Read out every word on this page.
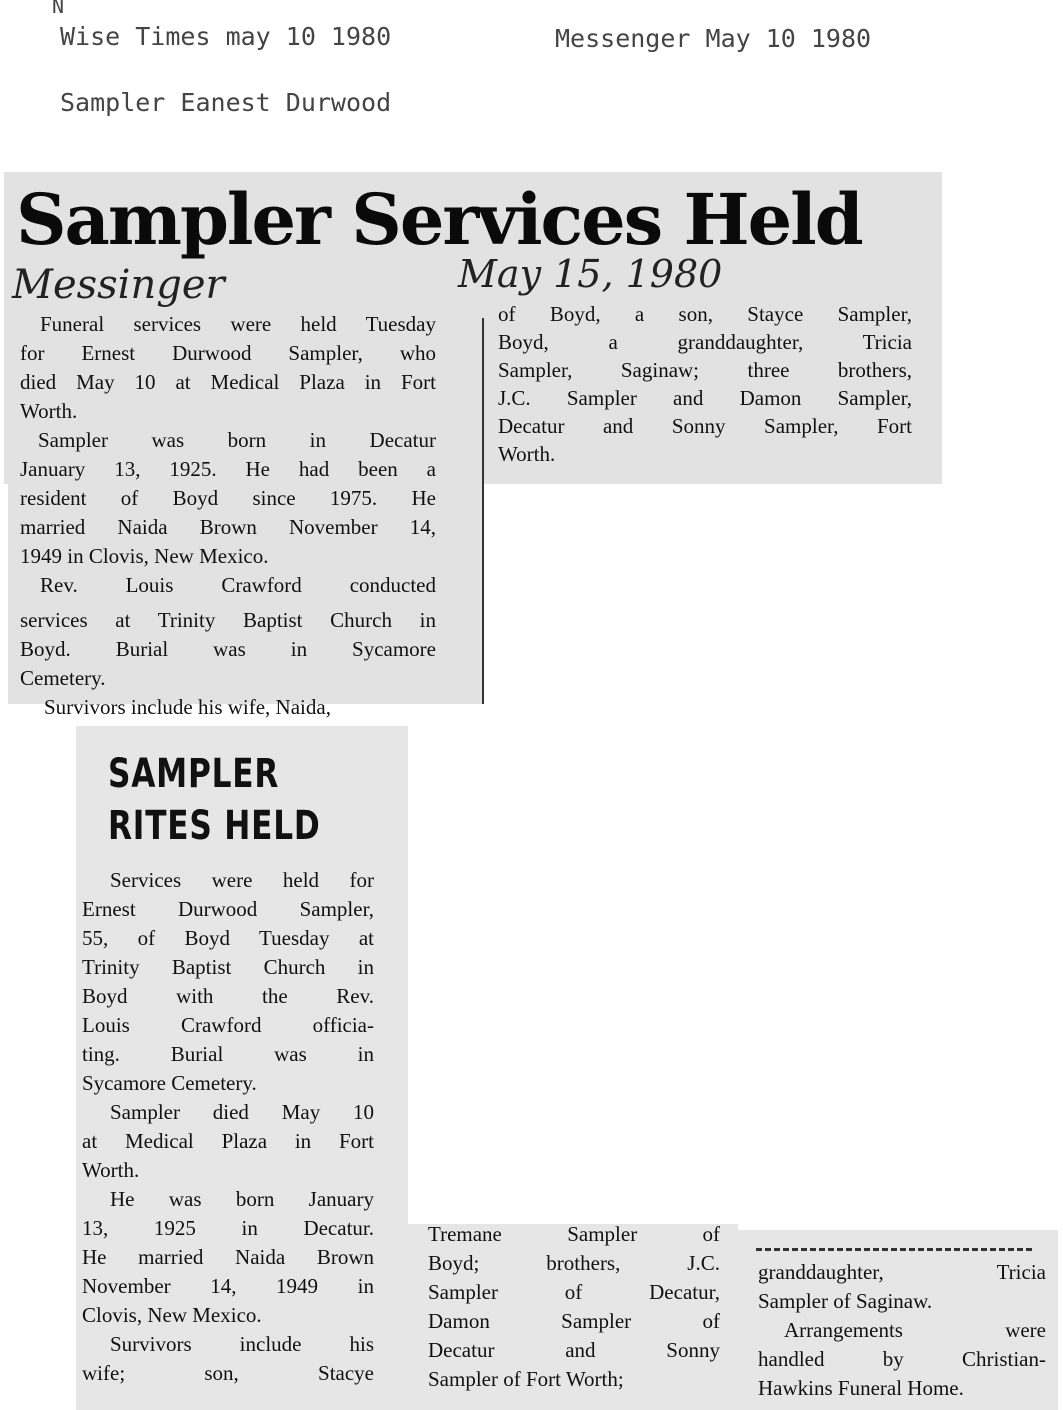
N
Wise Times may 10 1980	Messenger May 10 1980
Sampler Eanest Durwood
Sampler Services Held
Messinger	May 15, 1980
Funeral services were held Tuesday
for Ernest Durwood Sampler, who
died May 10 at Medical Plaza in Fort
Worth.
Sampler was born in Decatur
January 13, 1925. He had been a
resident of Boyd since 1975. He
married Naida Brown November 14,
1949 in Clovis, New Mexico.
Rev. Louis Crawford conducted
services at Trinity Baptist Church in
Boyd. Burial was in Sycamore
Cemetery.
Survivors include his wife, Naida,
of Boyd, a son, Stayce Sampler,
Boyd, a granddaughter, Tricia
Sampler, Saginaw; three brothers,
J.C. Sampler and Damon Sampler,
Decatur and Sonny Sampler, Fort
Worth.
SAMPLER
RITES HELD
Services were held for
Ernest Durwood Sampler,
55, of Boyd Tuesday at
Trinity Baptist Church in
Boyd with the Rev.
Louis Crawford officia-
ting. Burial was in
Sycamore Cemetery.
Sampler died May 10
at Medical Plaza in Fort
Worth.
He was born January
13, 1925 in Decatur.
He married Naida Brown
November 14, 1949 in
Clovis, New Mexico.
Survivors include his
wife; son, Stacye
Tremane Sampler of
Boyd; brothers, J.C.
Sampler of Decatur,
Damon Sampler of
Decatur and Sonny
Sampler of Fort Worth;
granddaughter, Tricia
Sampler of Saginaw.
Arrangements were
handled by Christian-
Hawkins Funeral Home.
